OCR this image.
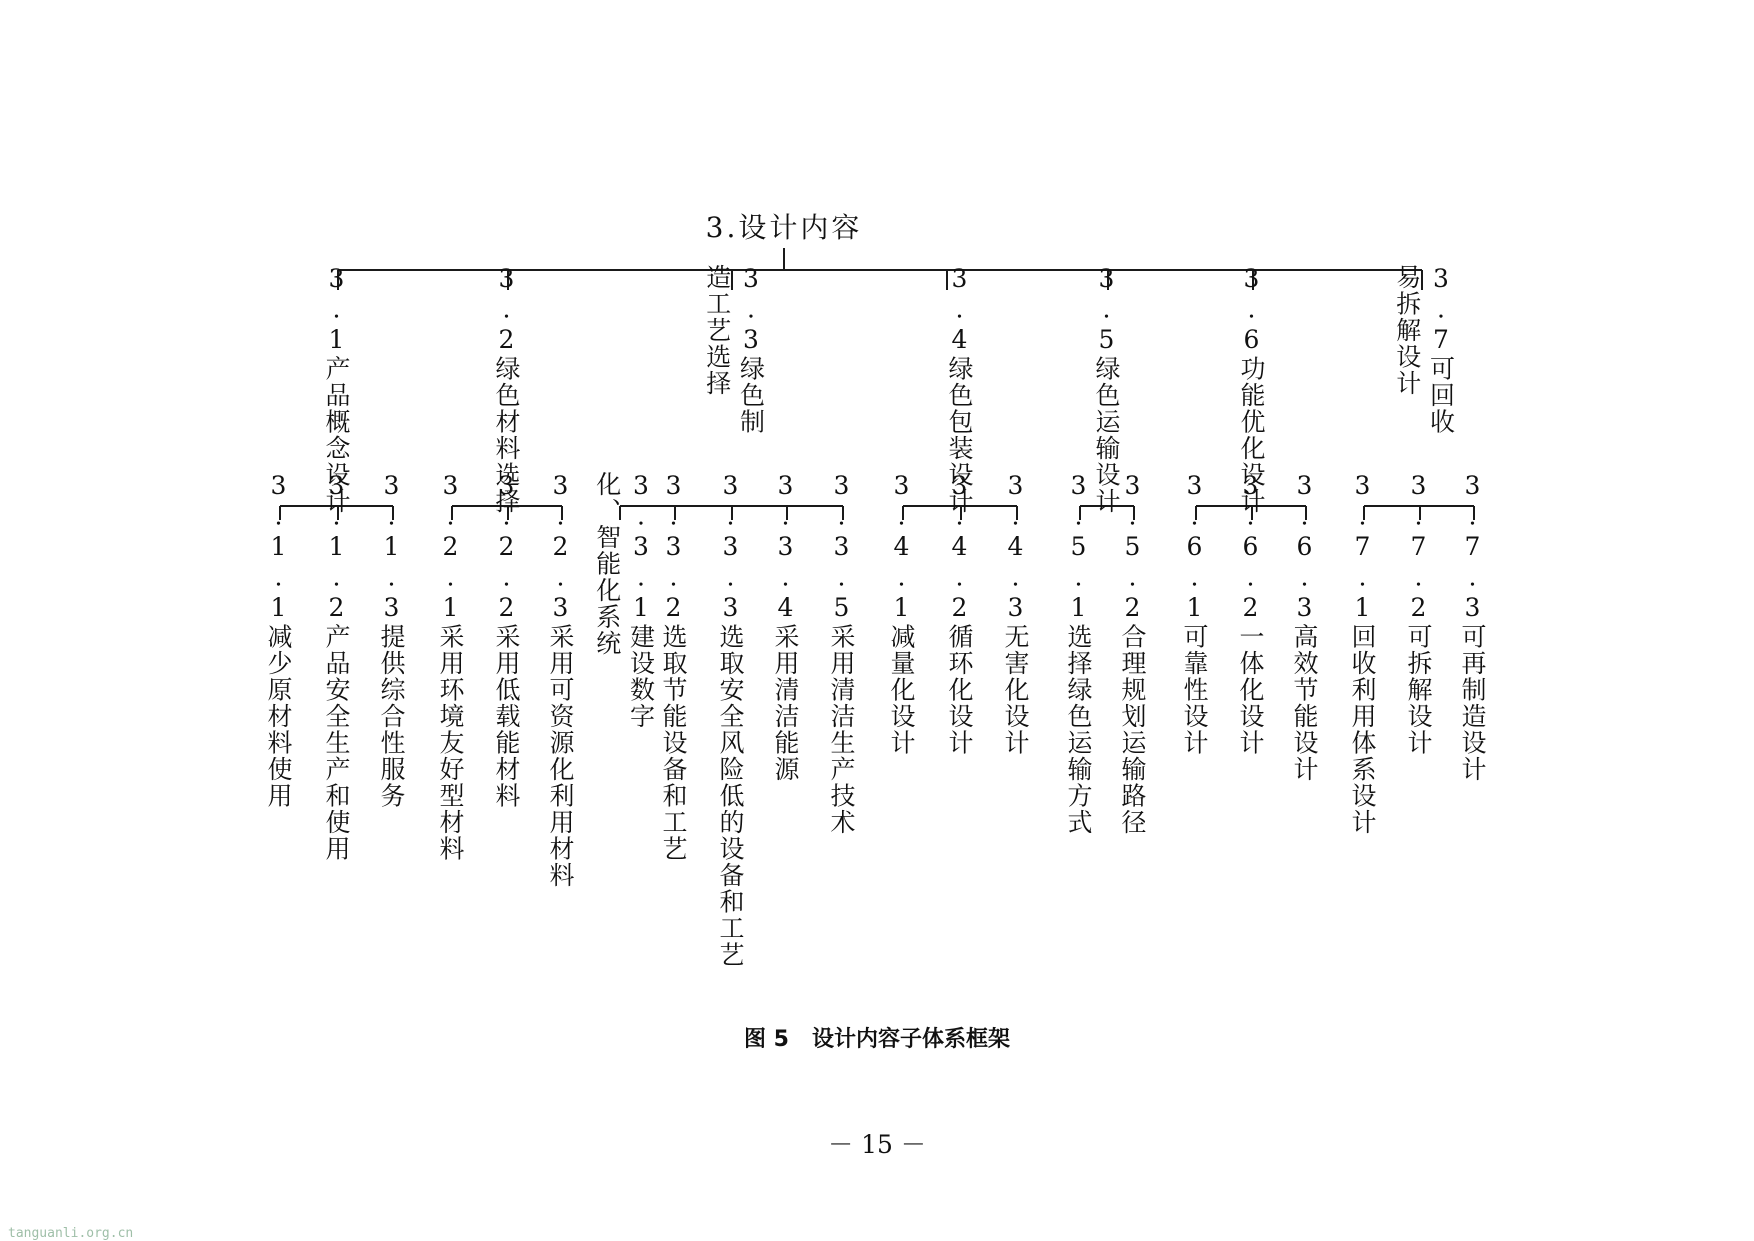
3.设计内容
3.1产品概念设计	3.2绿色材料选择	3.3绿色制造工艺选择	3.4绿色包装设计	3.5绿色运输设计	3.6功能优化设计	3.7可回收易拆解设计
3.1.1减少原材料使用 3.1.2产品安全生产和使用 3.1.3提供综合性服务 3.2.1采用环境友好型材料 3.2.2采用低载能材料 3.2.3采用可资源化利用材料	3.3.1建设数字化、智能化系统	3.3.2选取节能设备和工艺 3.3.3选取安全风险低的设备和工艺 3.3.4采用清洁能源 3.3.5采用清洁生产技术 3.4.1减量化设计 3.4.2循环化设计 3.4.3无害化设计 3.5.1选择绿色运输方式 3.5.2合理规划运输路径 3.6.1可靠性设计 3.6.2一体化设计 3.6.3高效节能设计 3.7.1回收利用体系设计 3.7.2可拆解设计 3.7.3可再制造设计
图 5   设计内容子体系框架
－ 15 －
tanguanli.org.cn
